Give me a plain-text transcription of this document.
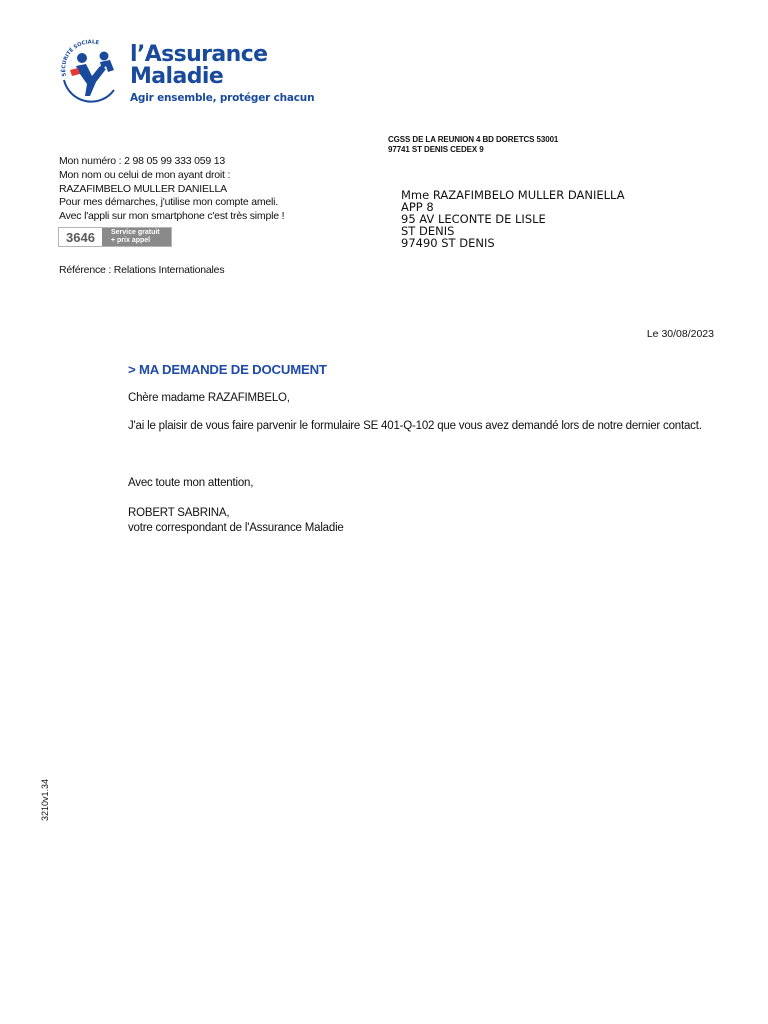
SÉCURITÉ SOCIALE l’Assurance
Maladie
Agir ensemble, protéger chacun
CGSS DE LA REUNION 4 BD DORETCS 53001
97741 ST DENIS CEDEX 9
Mon numéro : 2 98 05 99 333 059 13
Mon nom ou celui de mon ayant droit :
RAZAFIMBELO MULLER DANIELLA
Pour mes démarches, j'utilise mon compte ameli.
Avec l'appli sur mon smartphone c'est très simple !
3646	Service gratuit
+ prix appel
Référence : Relations Internationales
Mme RAZAFIMBELO MULLER DANIELLA
APP 8
95 AV LECONTE DE LISLE
ST DENIS
97490 ST DENIS
Le 30/08/2023
> MA DEMANDE DE DOCUMENT
Chère madame RAZAFIMBELO,
J'ai le plaisir de vous faire parvenir le formulaire SE 401-Q-102 que vous avez demandé lors de notre dernier contact.
Avec toute mon attention,
ROBERT SABRINA,
votre correspondant de l'Assurance Maladie
3210v1.34
